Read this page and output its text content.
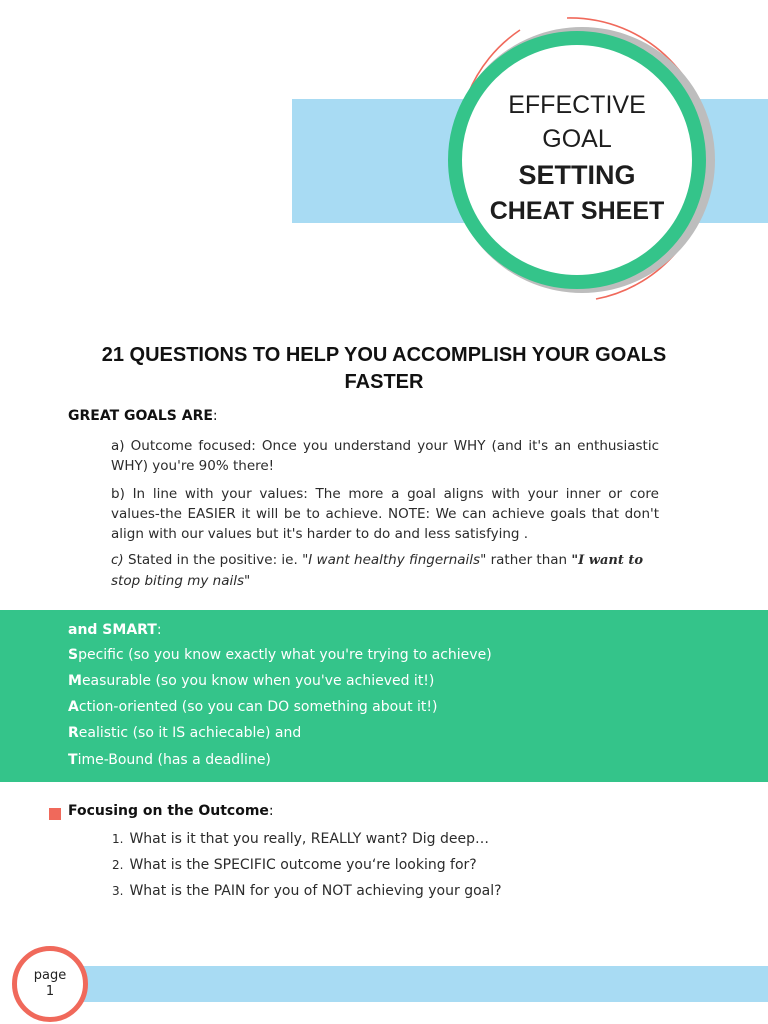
EFFECTIVE
GOAL
SETTING
CHEAT SHEET
21 QUESTIONS TO HELP YOU ACCOMPLISH YOUR GOALS
FASTER
GREAT GOALS ARE:
a) Outcome focused: Once you understand your WHY (and it's an enthusiastic WHY) you're 90% there!
b) In line with your values: The more a goal aligns with your inner or core values-the EASIER it will be to achieve. NOTE: We can achieve goals that don't align with our values but it's harder to do and less satisfying .
c) Stated in the positive: ie. "I want healthy fingernails" rather than "I want to
stop biting my nails"
and SMART:
Specific (so you know exactly what you're trying to achieve)
Measurable (so you know when you've achieved it!)
Action-oriented (so you can DO something about it!)
Realistic (so it IS achiecable) and
Time-Bound (has a deadline)
Focusing on the Outcome:
1. What is it that you really, REALLY want? Dig deep…
2. What is the SPECIFIC outcome you‘re looking for?
3. What is the PAIN for you of NOT achieving your goal?
page
1
